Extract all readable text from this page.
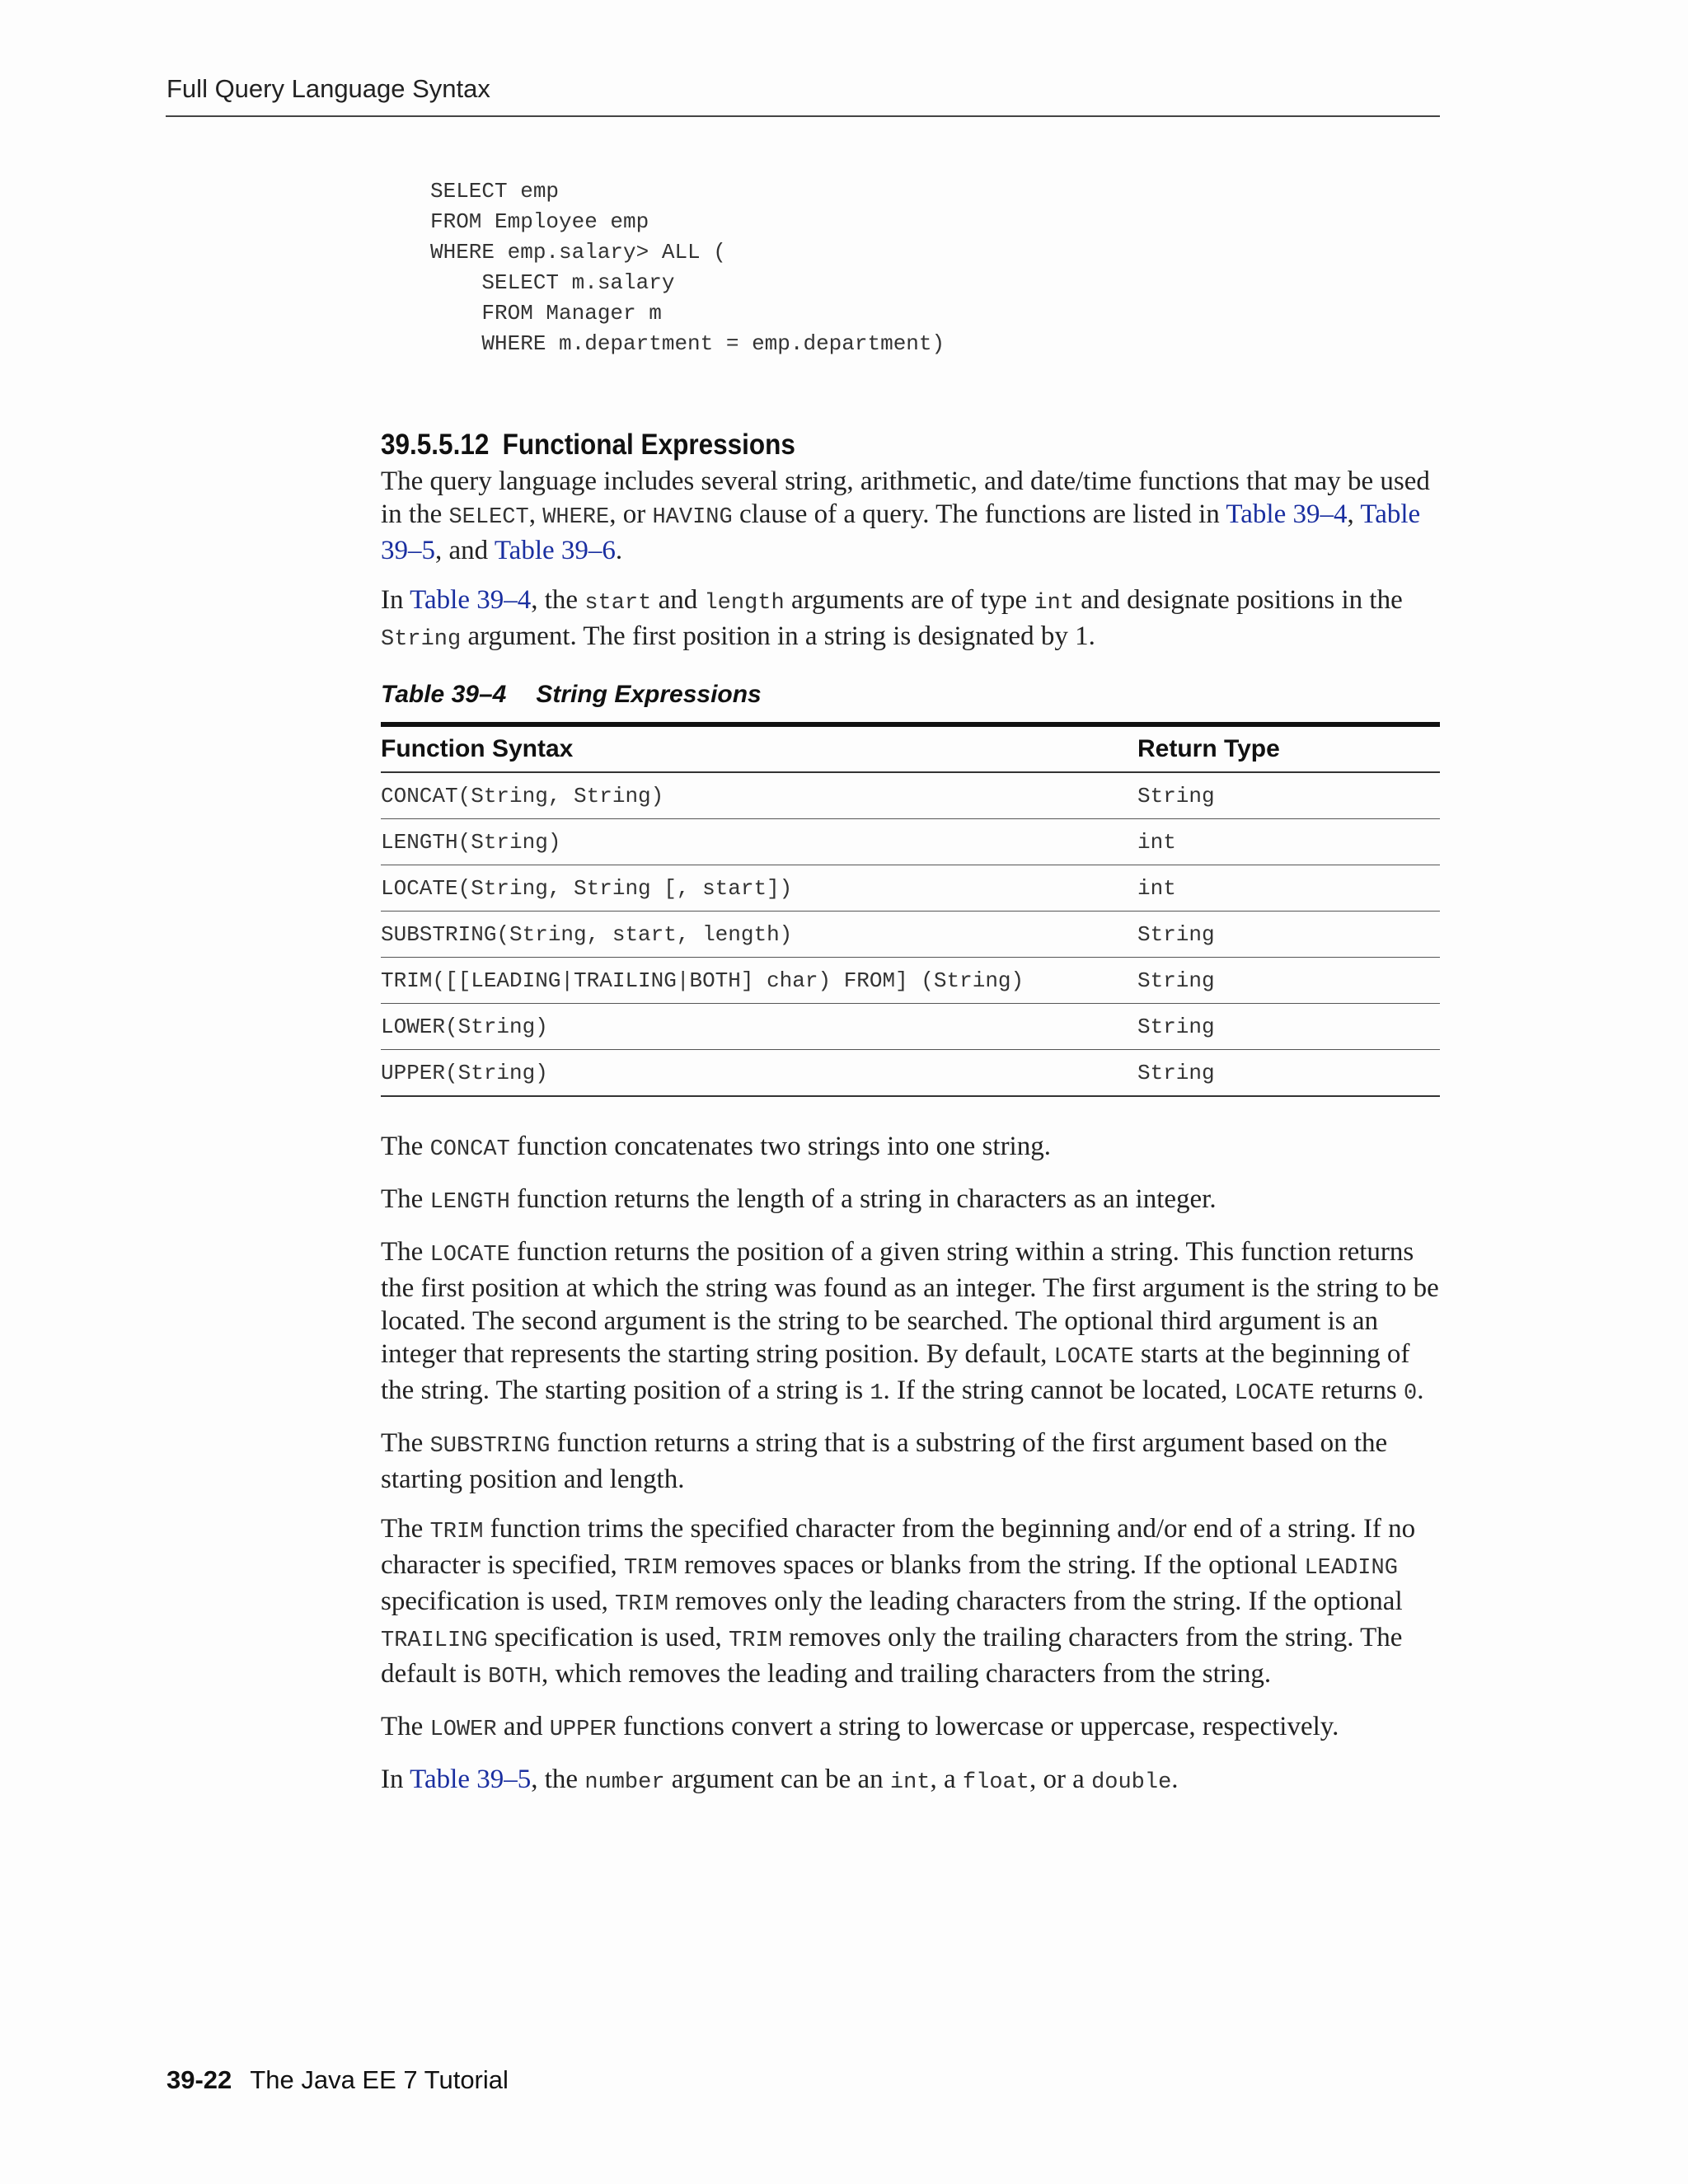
Full Query Language Syntax
SELECT emp
FROM Employee emp
WHERE emp.salary> ALL (
SELECT m.salary
FROM Manager m
WHERE m.department = emp.department)
39.5.5.12 Functional Expressions

The query language includes several string, arithmetic, and date/time functions that may be used in the SELECT, WHERE, or HAVING clause of a query. The functions are listed in Table 39–4, Table 39–5, and Table 39–6.

In Table 39–4, the start and length arguments are of type int and designate positions in the String argument. The first position in a string is designated by 1.

Table 39–4 String Expressions
Function Syntax	Return Type
CONCAT(String, String)	String
LENGTH(String)	int
LOCATE(String, String [, start])	int
SUBSTRING(String, start, length)	String
TRIM([[LEADING|TRAILING|BOTH] char) FROM] (String)	String
LOWER(String)	String
UPPER(String)	String

The CONCAT function concatenates two strings into one string.

The LENGTH function returns the length of a string in characters as an integer.

The LOCATE function returns the position of a given string within a string. This function returns the first position at which the string was found as an integer. The first argument is the string to be located. The second argument is the string to be searched. The optional third argument is an integer that represents the starting string position. By default, LOCATE starts at the beginning of the string. The starting position of a string is 1. If the string cannot be located, LOCATE returns 0.

The SUBSTRING function returns a string that is a substring of the first argument based on the starting position and length.

The TRIM function trims the specified character from the beginning and/or end of a string. If no character is specified, TRIM removes spaces or blanks from the string. If the optional LEADING specification is used, TRIM removes only the leading characters from the string. If the optional TRAILING specification is used, TRIM removes only the trailing characters from the string. The default is BOTH, which removes the leading and trailing characters from the string.

The LOWER and UPPER functions convert a string to lowercase or uppercase, respectively.

In Table 39–5, the number argument can be an int, a float, or a double.

39-22 The Java EE 7 Tutorial
